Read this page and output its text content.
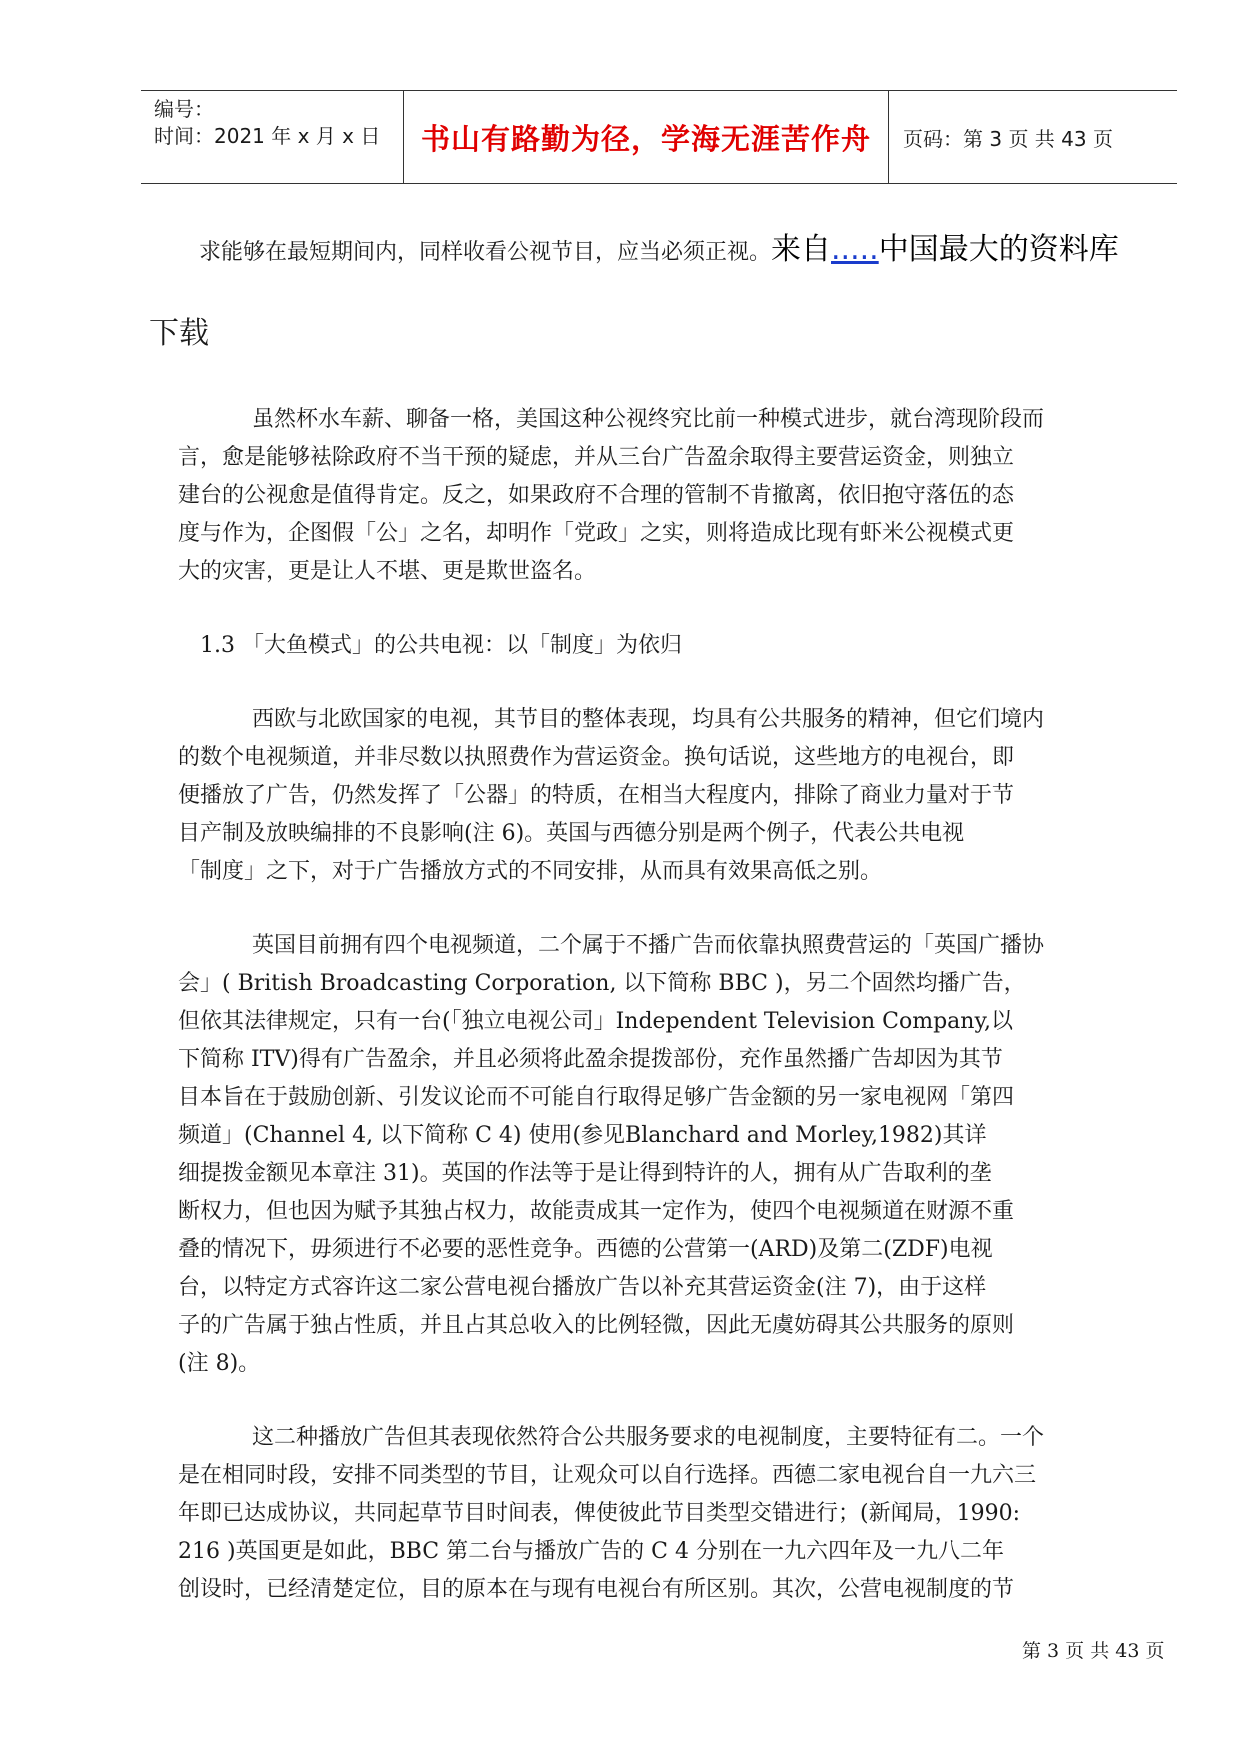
编号：
时间：2021 年 x 月 x 日	书山有路勤为径，学海无涯苦作舟	页码：第 3 页 共 43 页
求能够在最短期间内，同样收看公视节目，应当必须正视。来自.....中国最大的资料库
下载
虽然杯水车薪、聊备一格，美国这种公视终究比前一种模式进步，就台湾现阶段而
言，愈是能够袪除政府不当干预的疑虑，并从三台广告盈余取得主要营运资金，则独立
建台的公视愈是值得肯定。反之，如果政府不合理的管制不肯撤离，依旧抱守落伍的态
度与作为，企图假「公」之名，却明作「党政」之实，则将造成比现有虾米公视模式更
大的灾害，更是让人不堪、更是欺世盗名。
1.3 「大鱼模式」的公共电视：以「制度」为依归
西欧与北欧国家的电视，其节目的整体表现，均具有公共服务的精神，但它们境内
的数个电视频道，并非尽数以执照费作为营运资金。换句话说，这些地方的电视台，即
便播放了广告，仍然发挥了「公器」的特质，在相当大程度内，排除了商业力量对于节
目产制及放映编排的不良影响(注 6)。英国与西德分别是两个例子，代表公共电视
「制度」之下，对于广告播放方式的不同安排，从而具有效果高低之别。
英国目前拥有四个电视频道，二个属于不播广告而依靠执照费营运的「英国广播协
会」( British Broadcasting Corporation, 以下简称 BBC )，另二个固然均播广告，
但依其法律规定，只有一台(「独立电视公司」Independent Television Company,以
下简称 ITV)得有广告盈余，并且必须将此盈余提拨部份，充作虽然播广告却因为其节
目本旨在于鼓励创新、引发议论而不可能自行取得足够广告金额的另一家电视网「第四
频道」(Channel 4, 以下简称 C 4) 使用(参见Blanchard and Morley,1982)其详
细提拨金额见本章注 31)。英国的作法等于是让得到特许的人，拥有从广告取利的垄
断权力，但也因为赋予其独占权力，故能责成其一定作为，使四个电视频道在财源不重
叠的情况下，毋须进行不必要的恶性竞争。西德的公营第一(ARD)及第二(ZDF)电视
台，以特定方式容许这二家公营电视台播放广告以补充其营运资金(注 7)，由于这样
子的广告属于独占性质，并且占其总收入的比例轻微，因此无虞妨碍其公共服务的原则
(注 8)。
这二种播放广告但其表现依然符合公共服务要求的电视制度，主要特征有二。一个
是在相同时段，安排不同类型的节目，让观众可以自行选择。西德二家电视台自一九六三
年即已达成协议，共同起草节目时间表，俾使彼此节目类型交错进行；(新闻局，1990:
216 )英国更是如此，BBC 第二台与播放广告的 C 4 分别在一九六四年及一九八二年
创设时，已经清楚定位，目的原本在与现有电视台有所区别。其次，公营电视制度的节
第 3 页 共 43 页
